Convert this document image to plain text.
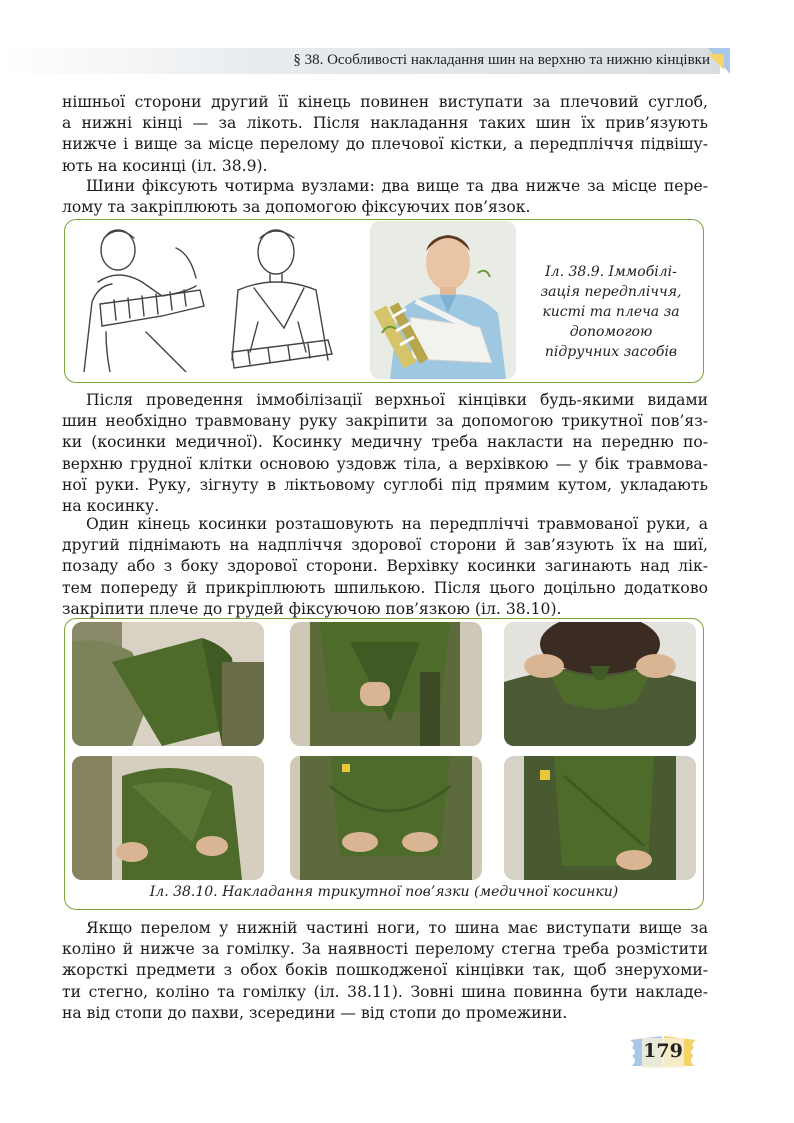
§ 38. Особливості накладання шин на верхню та нижню кінцівки
нішньої сторони другий її кінець повинен виступати за плечовий суглоб,
а нижні кінці — за лікоть. Після накладання таких шин їх прив’язують
нижче і вище за місце перелому до плечової кістки, а передпліччя підвішу-
ють на косинці (іл. 38.9).
Шини фіксують чотирма вузлами: два вище та два нижче за місце пере-
лому та закріплюють за допомогою фіксуючих пов’язок.
Іл. 38.9. Іммобілі-
зація передпліччя,
кисті та плеча за
допомогою
підручних засобів
Після проведення іммобілізації верхньої кінцівки будь-якими видами
шин необхідно травмовану руку закріпити за допомогою трикутної пов’яз-
ки (косинки медичної). Косинку медичну треба накласти на передню по-
верхню грудної клітки основою уздовж тіла, а верхівкою — у бік травмова-
ної руки. Руку, зігнуту в ліктьовому суглобі під прямим кутом, укладають
на косинку.
Один кінець косинки розташовують на передпліччі травмованої руки, а
другий піднімають на надпліччя здорової сторони й зав’язують їх на шиї,
позаду або з боку здорової сторони. Верхівку косинки загинають над лік-
тем попереду й прикріплюють шпилькою. Після цього доцільно додатково
закріпити плече до грудей фіксуючою пов’язкою (іл. 38.10).
Іл. 38.10. Накладання трикутної пов’язки (медичної косинки)
Якщо перелом у нижній частині ноги, то шина має виступати вище за
коліно й нижче за гомілку. За наявності перелому стегна треба розмістити
жорсткі предмети з обох боків пошкодженої кінцівки так, щоб знерухоми-
ти стегно, коліно та гомілку (іл. 38.11). Зовні шина повинна бути накладе-
на від стопи до пахви, зсередини — від стопи до промежини.
179
